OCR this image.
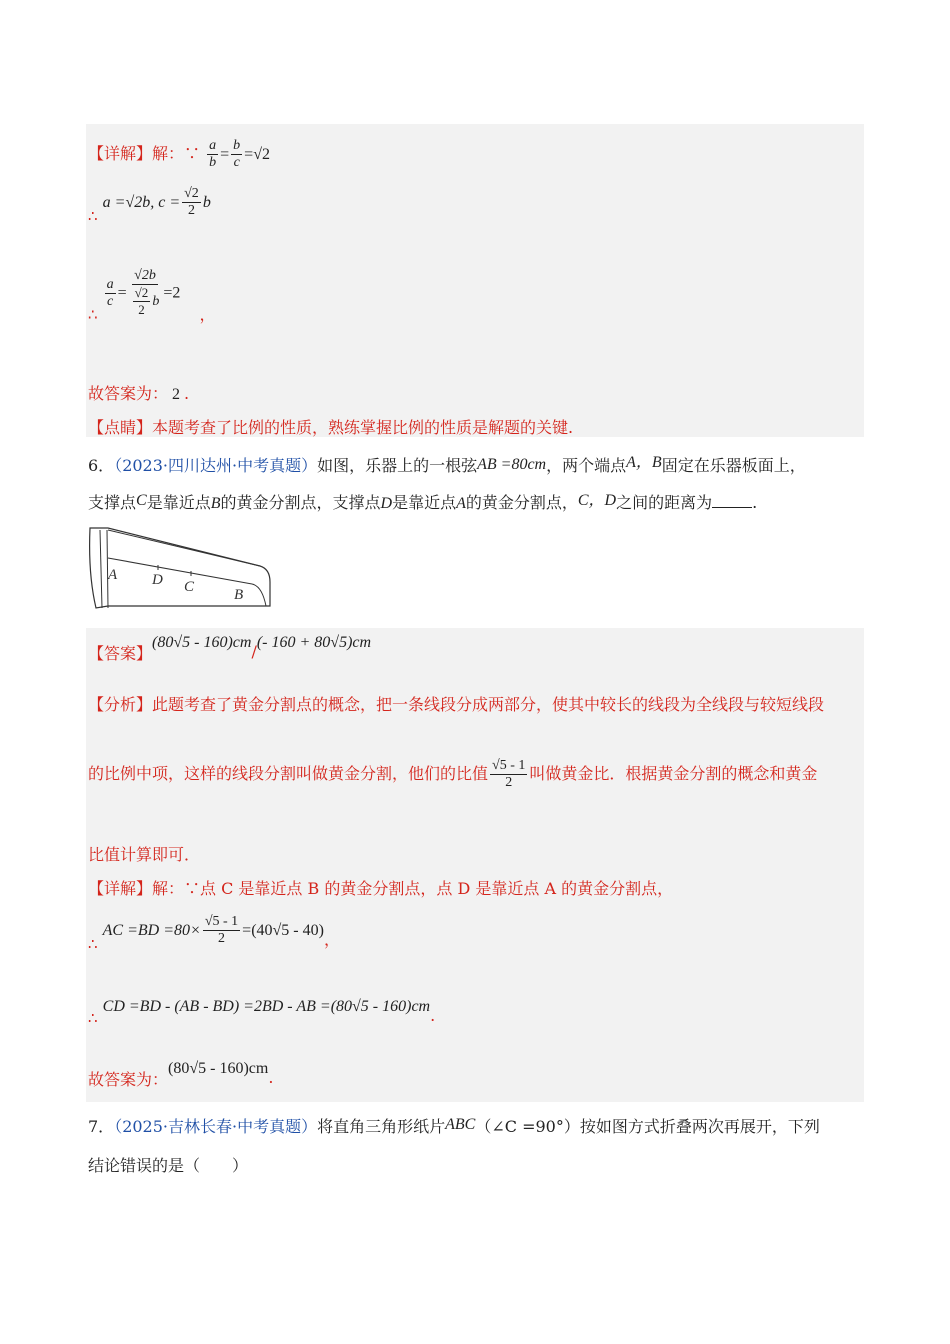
【详解】解：∵ $\frac{a}{b} = \frac{b}{c} =√2$
∴ a =√2b, $c = \frac{√2}{2}$ b
∴
$\frac{a}{c} = \frac{√2b}{\frac{√2}{2} b} =2$ ，
故答案为： 2 .
【点睛】本题考查了比例的性质，熟练掌握比例的性质是解题的关键.
6．（2023·四川达州·中考真题）如图，乐器上的一根弦AB =80cm，两个端点A，B固定在乐器板面上，
支撑点C是靠近点B的黄金分割点，支撑点D是靠近点A的黄金分割点，C，D之间的距离为	.
A D C	B
【答案】(80√5 - 160)cm/(- 160 + 80√5)cm
【分析】此题考查了黄金分割点的概念，把一条线段分成两部分，使其中较长的线段为全线段与较短线段
的比例中项，这样的线段分割叫做黄金分割，他们的比值 $\frac{√5 - 1}{2}$ 叫做黄金比．根据黄金分割的概念和黄金
比值计算即可．
【详解】解：∵点 C 是靠近点 B 的黄金分割点，点 D 是靠近点 A 的黄金分割点，
∴ AC $=BD =80\times \frac{√5 - 1}{2} =(40√5 - 40)$，
∴ CD =BD - (AB - BD) =2BD - AB =(80√5 - 160)cm.
故答案为：(80√5 - 160)cm.
7．（2025·吉林长春·中考真题）将直角三角形纸片ABC（∠C =90°）按如图方式折叠两次再展开，下列
结论错误的是（　　）
